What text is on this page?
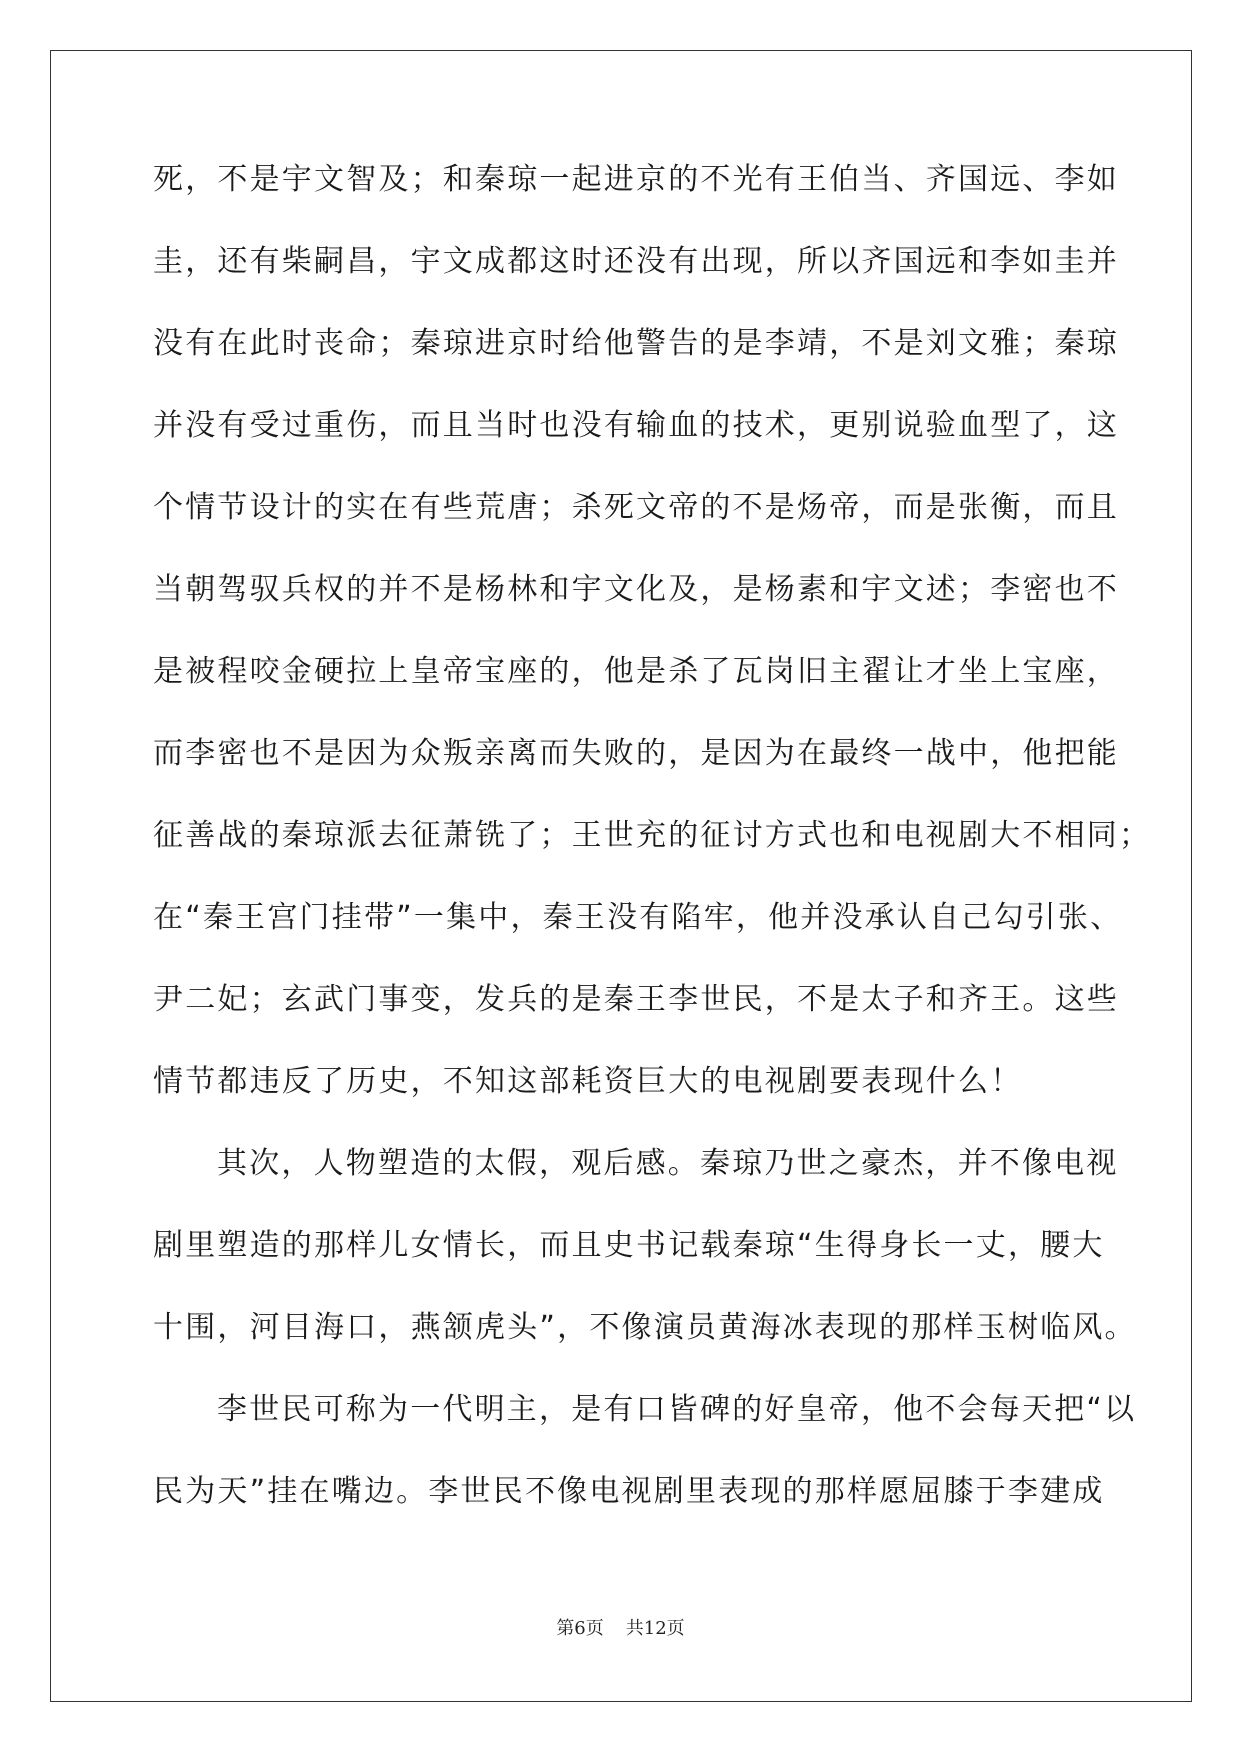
死，不是宇文智及；和秦琼一起进京的不光有王伯当、齐国远、李如
圭，还有柴嗣昌，宇文成都这时还没有出现，所以齐国远和李如圭并
没有在此时丧命；秦琼进京时给他警告的是李靖，不是刘文雅；秦琼
并没有受过重伤，而且当时也没有输血的技术，更别说验血型了，这
个情节设计的实在有些荒唐；杀死文帝的不是炀帝，而是张衡，而且
当朝驾驭兵权的并不是杨林和宇文化及，是杨素和宇文述；李密也不
是被程咬金硬拉上皇帝宝座的，他是杀了瓦岗旧主翟让才坐上宝座，
而李密也不是因为众叛亲离而失败的，是因为在最终一战中，他把能
征善战的秦琼派去征萧铣了；王世充的征讨方式也和电视剧大不相同；
在“秦王宫门挂带”一集中，秦王没有陷牢，他并没承认自己勾引张、
尹二妃；玄武门事变，发兵的是秦王李世民，不是太子和齐王。这些
情节都违反了历史，不知这部耗资巨大的电视剧要表现什么！
其次，人物塑造的太假，观后感。秦琼乃世之豪杰，并不像电视
剧里塑造的那样儿女情长，而且史书记载秦琼“生得身长一丈，腰大
十围，河目海口，燕颔虎头”，不像演员黄海冰表现的那样玉树临风。
李世民可称为一代明主，是有口皆碑的好皇帝，他不会每天把“以
民为天”挂在嘴边。李世民不像电视剧里表现的那样愿屈膝于李建成
第6页 共12页
